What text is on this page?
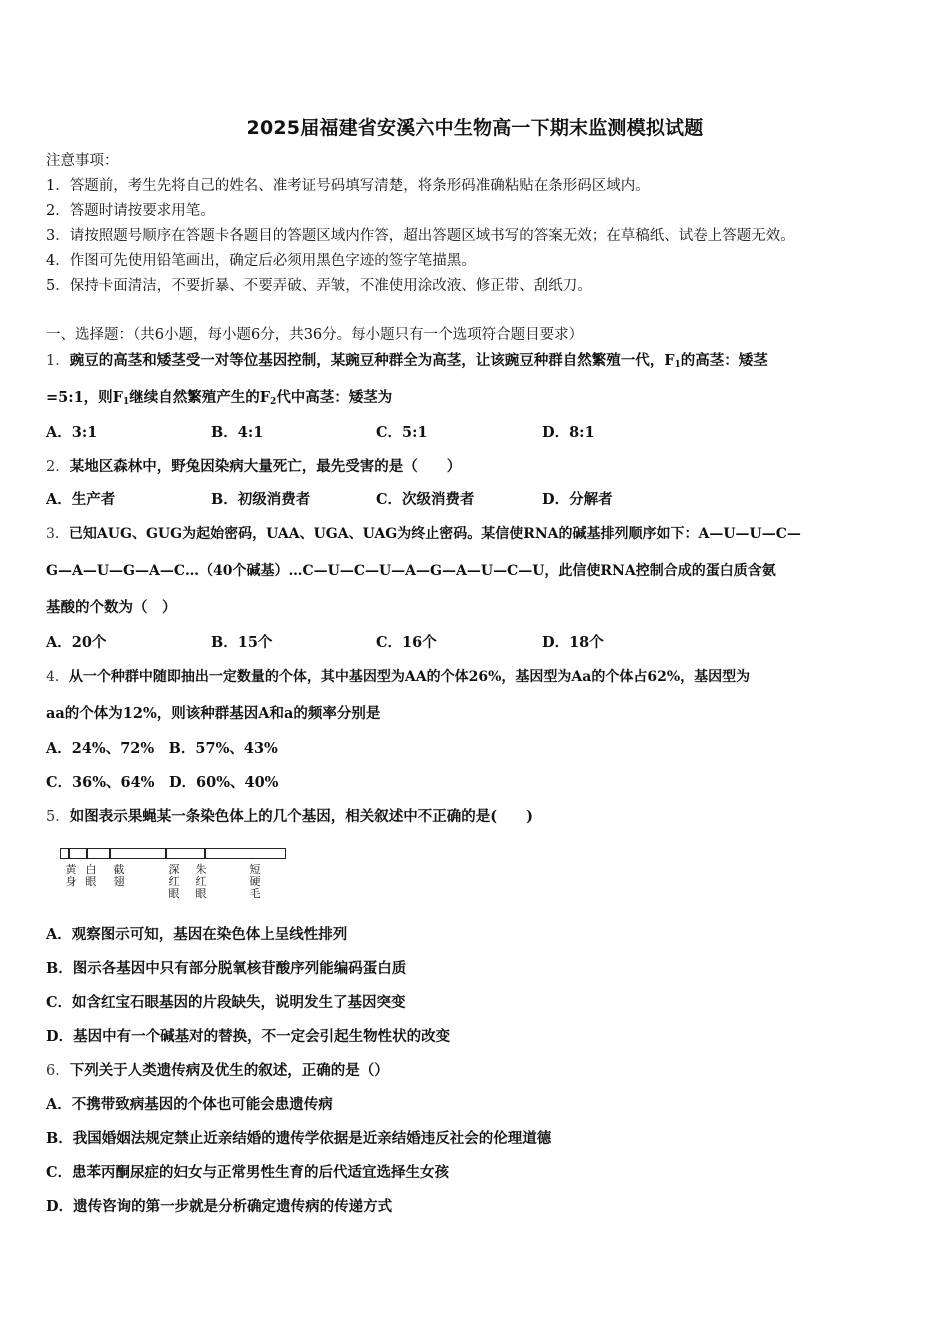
2025届福建省安溪六中生物高一下期末监测模拟试题
注意事项：
1．答题前，考生先将自己的姓名、准考证号码填写清楚，将条形码准确粘贴在条形码区域内。
2．答题时请按要求用笔。
3．请按照题号顺序在答题卡各题目的答题区域内作答，超出答题区域书写的答案无效；在草稿纸、试卷上答题无效。
4．作图可先使用铅笔画出，确定后必须用黑色字迹的签字笔描黑。
5．保持卡面清洁，不要折暴、不要弄破、弄皱，不准使用涂改液、修正带、刮纸刀。
一、选择题：（共6小题，每小题6分，共36分。每小题只有一个选项符合题目要求）
1．豌豆的高茎和矮茎受一对等位基因控制，某豌豆种群全为高茎，让该豌豆种群自然繁殖一代，$F_1$的高茎：矮茎
=5:1，则$F_1$继续自然繁殖产生的$F_2$代中高茎：矮茎为
A．3:1	B．4:1	C．5:1	D．8:1
2．某地区森林中，野兔因染病大量死亡，最先受害的是（　　）
A．生产者	B．初级消费者	C．次级消费者	D．分解者
3．已知AUG、GUG为起始密码，UAA、UGA、UAG为终止密码。某信使RNA的碱基排列顺序如下：A—U—U—C—
G—A—U—G—A—C…（40个碱基）…C—U—C—U—A—G—A—U—C—U，此信使RNA控制合成的蛋白质含氨
基酸的个数为（　）
A．20个	B．15个	C．16个	D．18个
4．从一个种群中随即抽出一定数量的个体，其中基因型为AA的个体26%，基因型为Aa的个体占62%，基因型为
aa的个体为12%，则该种群基因A和a的频率分别是
A．24%、72%　B．57%、43%
C．36%、64%　D．60%、40%
5．如图表示果蝇某一条染色体上的几个基因，相关叙述中不正确的是(　　)
黄身
白眼
截翅
深红眼
朱红眼
短硬毛
A．观察图示可知，基因在染色体上呈线性排列
B．图示各基因中只有部分脱氧核苷酸序列能编码蛋白质
C．如含红宝石眼基因的片段缺失，说明发生了基因突变
D．基因中有一个碱基对的替换，不一定会引起生物性状的改变
6．下列关于人类遗传病及优生的叙述，正确的是（）
A．不携带致病基因的个体也可能会患遗传病
B．我国婚姻法规定禁止近亲结婚的遗传学依据是近亲结婚违反社会的伦理道德
C．患苯丙酮尿症的妇女与正常男性生育的后代适宜选择生女孩
D．遗传咨询的第一步就是分析确定遗传病的传递方式
